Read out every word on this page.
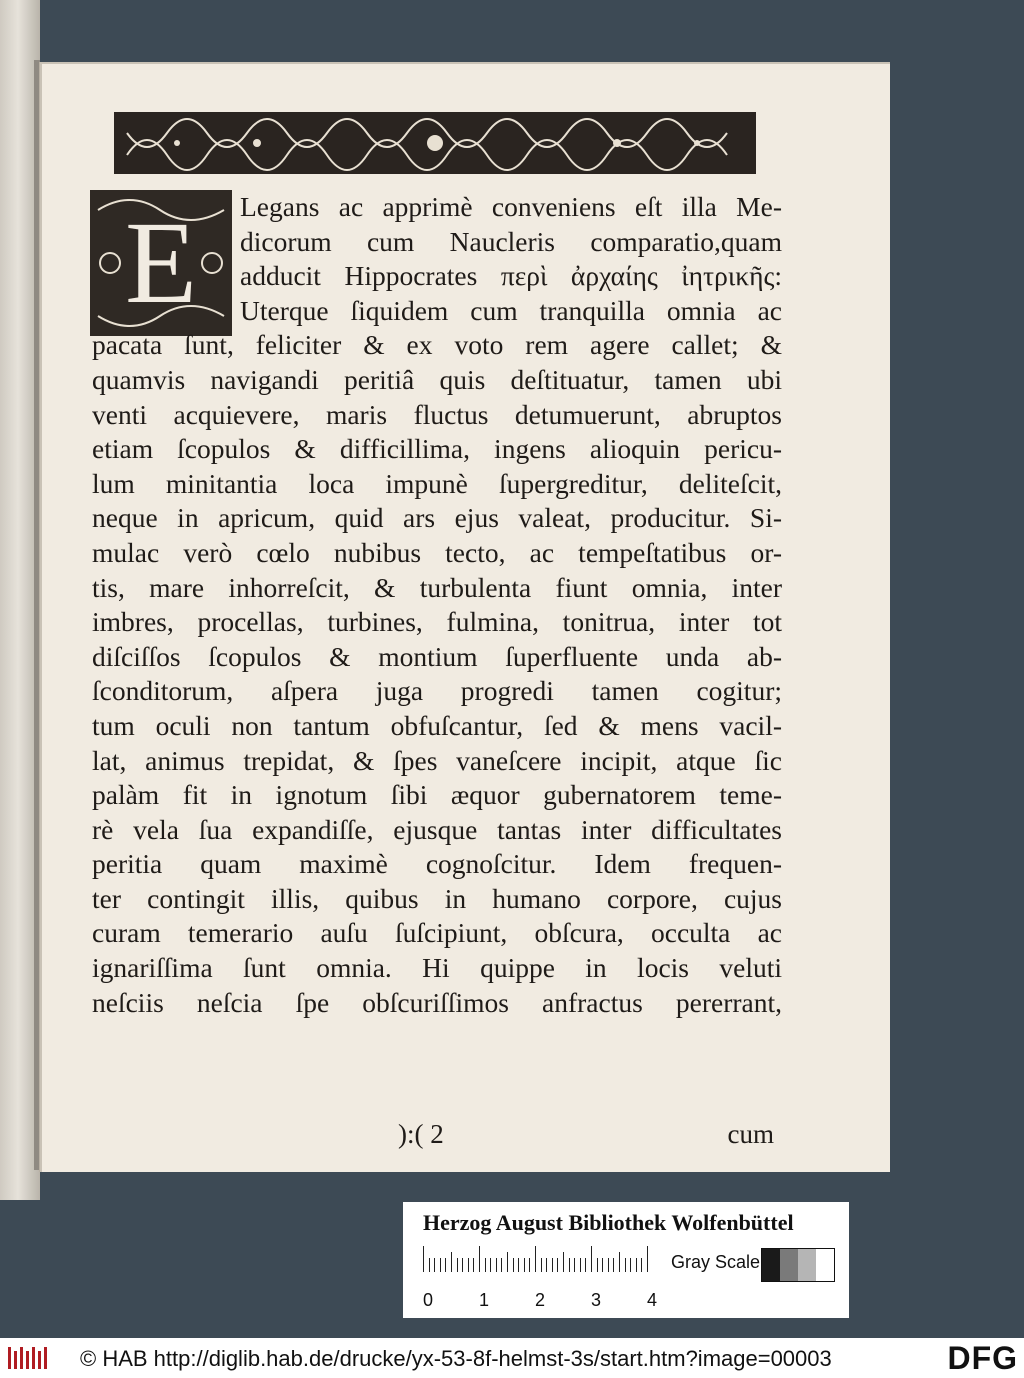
E	Legans ac apprimè conveniens eſt illa Me-
dicorum cum Naucleris comparatio,quam
adducit Hippocrates περὶ ἀρχαίης ἰητρικῆς:
Uterque ſiquidem cum tranquilla omnia ac
pacata ſunt, feliciter & ex voto rem agere callet; &
quamvis navigandi peritiâ quis deſtituatur, tamen ubi
venti acquievere, maris fluctus detumuerunt, abruptos
etiam ſcopulos & difficillima, ingens alioquin pericu-
lum minitantia loca impunè ſupergreditur, deliteſcit,
neque in apricum, quid ars ejus valeat, producitur. Si-
mulac verò cœlo nubibus tecto, ac tempeſtatibus or-
tis, mare inhorreſcit, & turbulenta fiunt omnia, inter
imbres, procellas, turbines, fulmina, tonitrua, inter tot
diſciſſos ſcopulos & montium ſuperfluente unda ab-
ſconditorum, aſpera juga progredi tamen cogitur;
tum oculi non tantum obfuſcantur, ſed & mens vacil-
lat, animus trepidat, & ſpes vaneſcere incipit, atque ſic
palàm fit in ignotum ſibi æquor gubernatorem teme-
rè vela ſua expandiſſe, ejusque tantas inter difficultates
peritia quam maximè cognoſcitur. Idem frequen-
ter contingit illis, quibus in humano corpore, cujus
curam temerario auſu ſuſcipiunt, obſcura, occulta ac
ignariſſima ſunt omnia. Hi quippe in locis veluti
neſciis neſcia ſpe obſcuriſſimos anfractus pererrant,
):( 2	cum
Herzog August Bibliothek Wolfenbüttel
0	1	2	3	4
Gray Scale
© HAB http://diglib.hab.de/drucke/yx-53-8f-helmst-3s/start.htm?image=00003	DFG
